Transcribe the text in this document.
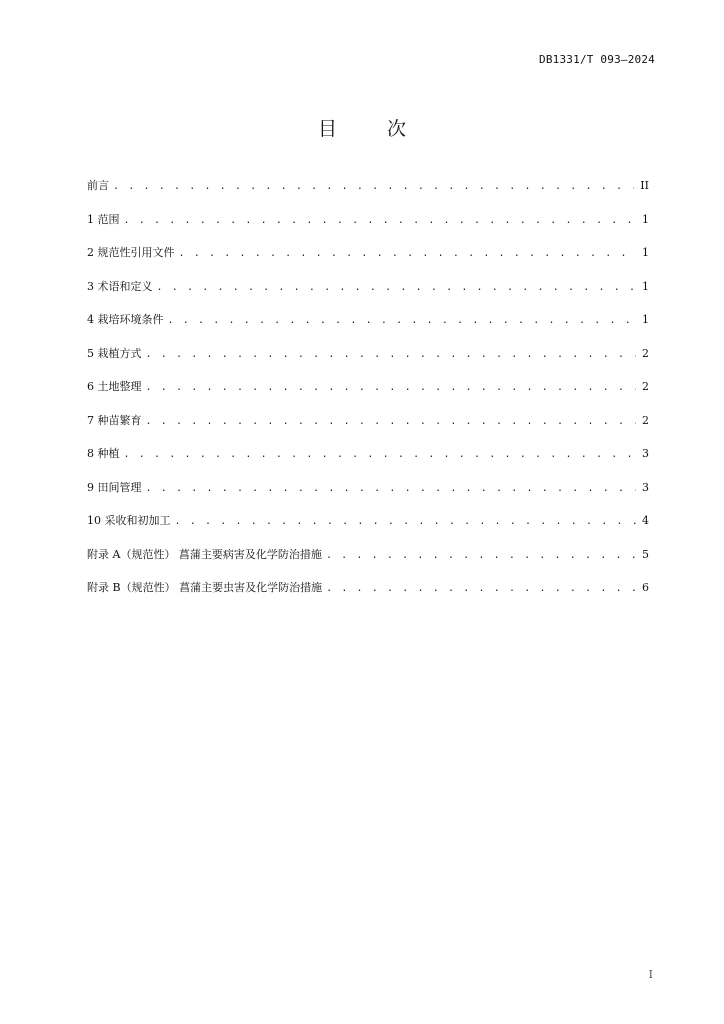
DB1331/T 093—2024
目 次
前言 . . .	II
1 范围 . . .	1
2 规范性引用文件 . . .	1
3 术语和定义 . . .	1
4 栽培环境条件 . . .	1
5 栽植方式 . . .	2
6 土地整理 . . .	2
7 种苗繁育 . . .	2
8 种植 . . .	3
9 田间管理 . . .	3
10 采收和初加工 . . .	4
附录 A（规范性） 菖蒲主要病害及化学防治措施 . . .	5
附录 B（规范性） 菖蒲主要虫害及化学防治措施 . . .	6
I
